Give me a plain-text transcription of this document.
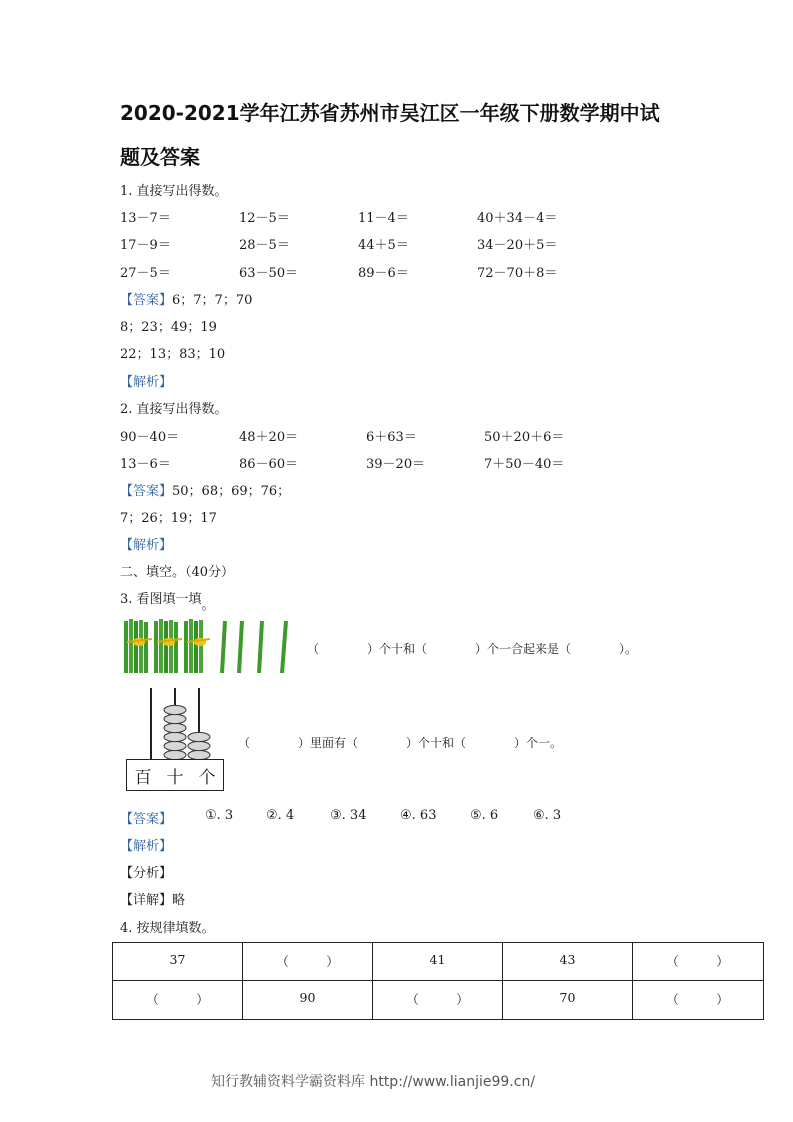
2020-2021学年江苏省苏州市吴江区一年级下册数学期中试
题及答案
1. 直接写出得数。
13－7＝	12－5＝	11－4＝	40＋34－4＝
17－9＝	28－5＝	44＋5＝	34－20＋5＝
27－5＝	63－50＝	89－6＝	72－70＋8＝
【答案】6；7；7；70
8；23；49；19
22；13；83；10
【解析】
2. 直接写出得数。
90－40＝	48＋20＝	6＋63＝	50＋20＋6＝
13－6＝	86－60＝	39－20＝	7＋50－40＝
【答案】50；68；69；76；
7；26；19；17
【解析】
二、填空。（40分）
3. 看图填一填。
（　　　　）个十和（　　　　）个一合起来是（　　　　）。
百 十 个
（　　　　）里面有（　　　　）个十和（　　　　）个一。
【答案】	①. 3	②. 4	③. 34	④. 63	⑤. 6	⑥. 3
【解析】
【分析】
【详解】略
4. 按规律填数。
37	（　　　）	41	43	（　　　）
（　　　）	90	（　　　）	70	（　　　）
知行教辅资料学霸资料库 http://www.lianjie99.cn/
